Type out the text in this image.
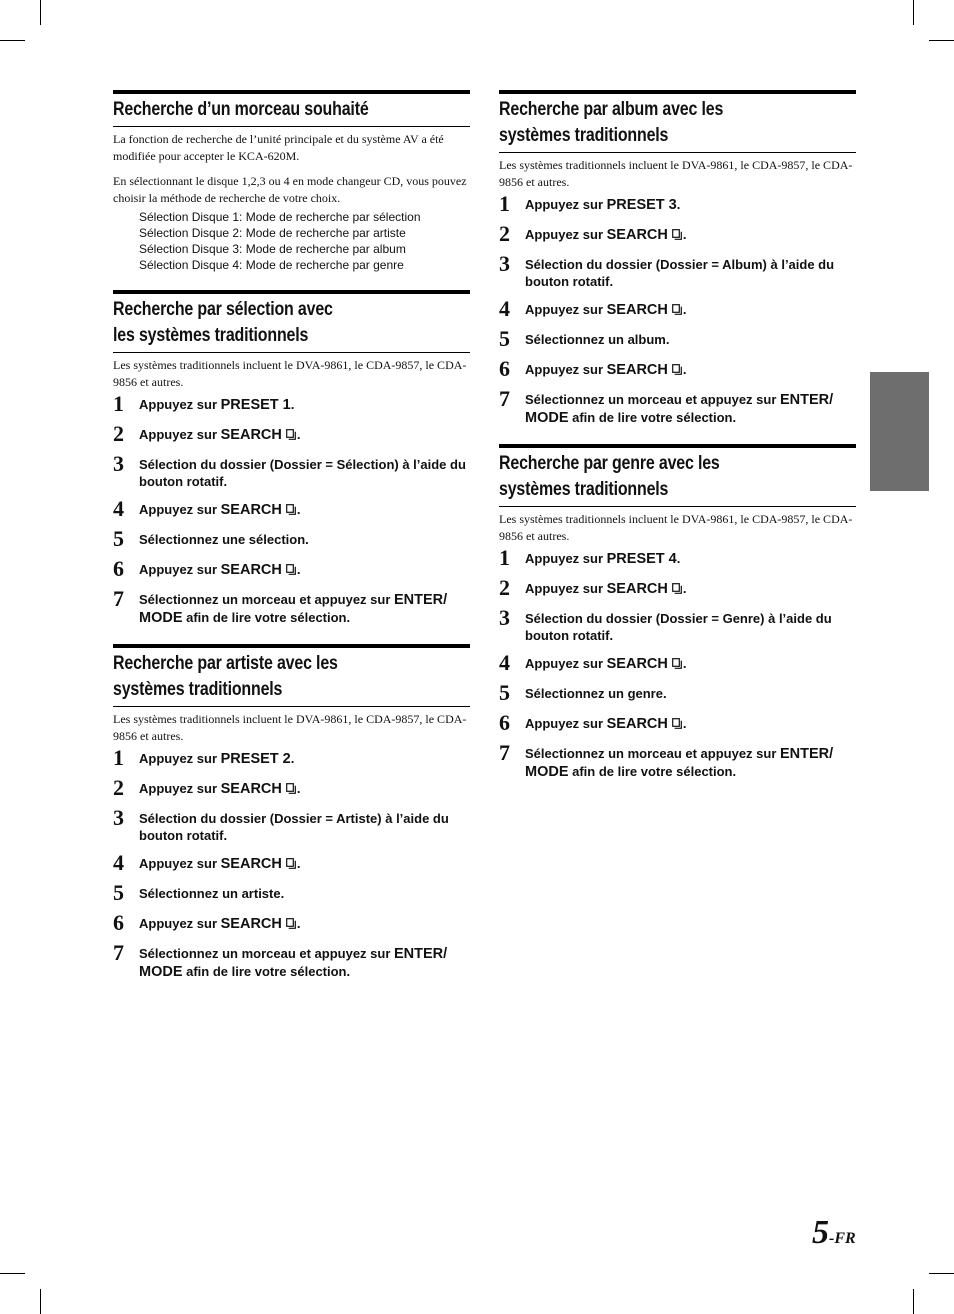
Recherche d’un morceau souhaité

La fonction de recherche de l’unité principale et du système AV a été modifiée pour accepter le KCA-620M.

En sélectionnant le disque 1,2,3 ou 4 en mode changeur CD, vous pouvez choisir la méthode de recherche de votre choix.

Sélection Disque 1: Mode de recherche par sélection
Sélection Disque 2: Mode de recherche par artiste
Sélection Disque 3: Mode de recherche par album
Sélection Disque 4: Mode de recherche par genre
Recherche par sélection avec
les systèmes traditionnels

Les systèmes traditionnels incluent le DVA-9861, le CDA-9857, le CDA-9856 et autres.

1	Appuyez sur PRESET 1.
2	Appuyez sur SEARCH .
3	Sélection du dossier (Dossier = Sélection) à l’aide du bouton rotatif.
4	Appuyez sur SEARCH .
5	Sélectionnez une sélection.
6	Appuyez sur SEARCH .
7	Sélectionnez un morceau et appuyez sur ENTER/
MODE afin de lire votre sélection.
Recherche par artiste avec les
systèmes traditionnels

Les systèmes traditionnels incluent le DVA-9861, le CDA-9857, le CDA-9856 et autres.

1	Appuyez sur PRESET 2.
2	Appuyez sur SEARCH .
3	Sélection du dossier (Dossier = Artiste) à l’aide du bouton rotatif.
4	Appuyez sur SEARCH .
5	Sélectionnez un artiste.
6	Appuyez sur SEARCH .
7	Sélectionnez un morceau et appuyez sur ENTER/
MODE afin de lire votre sélection.
Recherche par album avec les
systèmes traditionnels

Les systèmes traditionnels incluent le DVA-9861, le CDA-9857, le CDA-9856 et autres.

1	Appuyez sur PRESET 3.
2	Appuyez sur SEARCH .
3	Sélection du dossier (Dossier = Album) à l’aide du bouton rotatif.
4	Appuyez sur SEARCH .
5	Sélectionnez un album.
6	Appuyez sur SEARCH .
7	Sélectionnez un morceau et appuyez sur ENTER/
MODE afin de lire votre sélection.
Recherche par genre avec les
systèmes traditionnels

Les systèmes traditionnels incluent le DVA-9861, le CDA-9857, le CDA-9856 et autres.

1	Appuyez sur PRESET 4.
2	Appuyez sur SEARCH .
3	Sélection du dossier (Dossier = Genre) à l’aide du bouton rotatif.
4	Appuyez sur SEARCH .
5	Sélectionnez un genre.
6	Appuyez sur SEARCH .
7	Sélectionnez un morceau et appuyez sur ENTER/
MODE afin de lire votre sélection.
5-FR
